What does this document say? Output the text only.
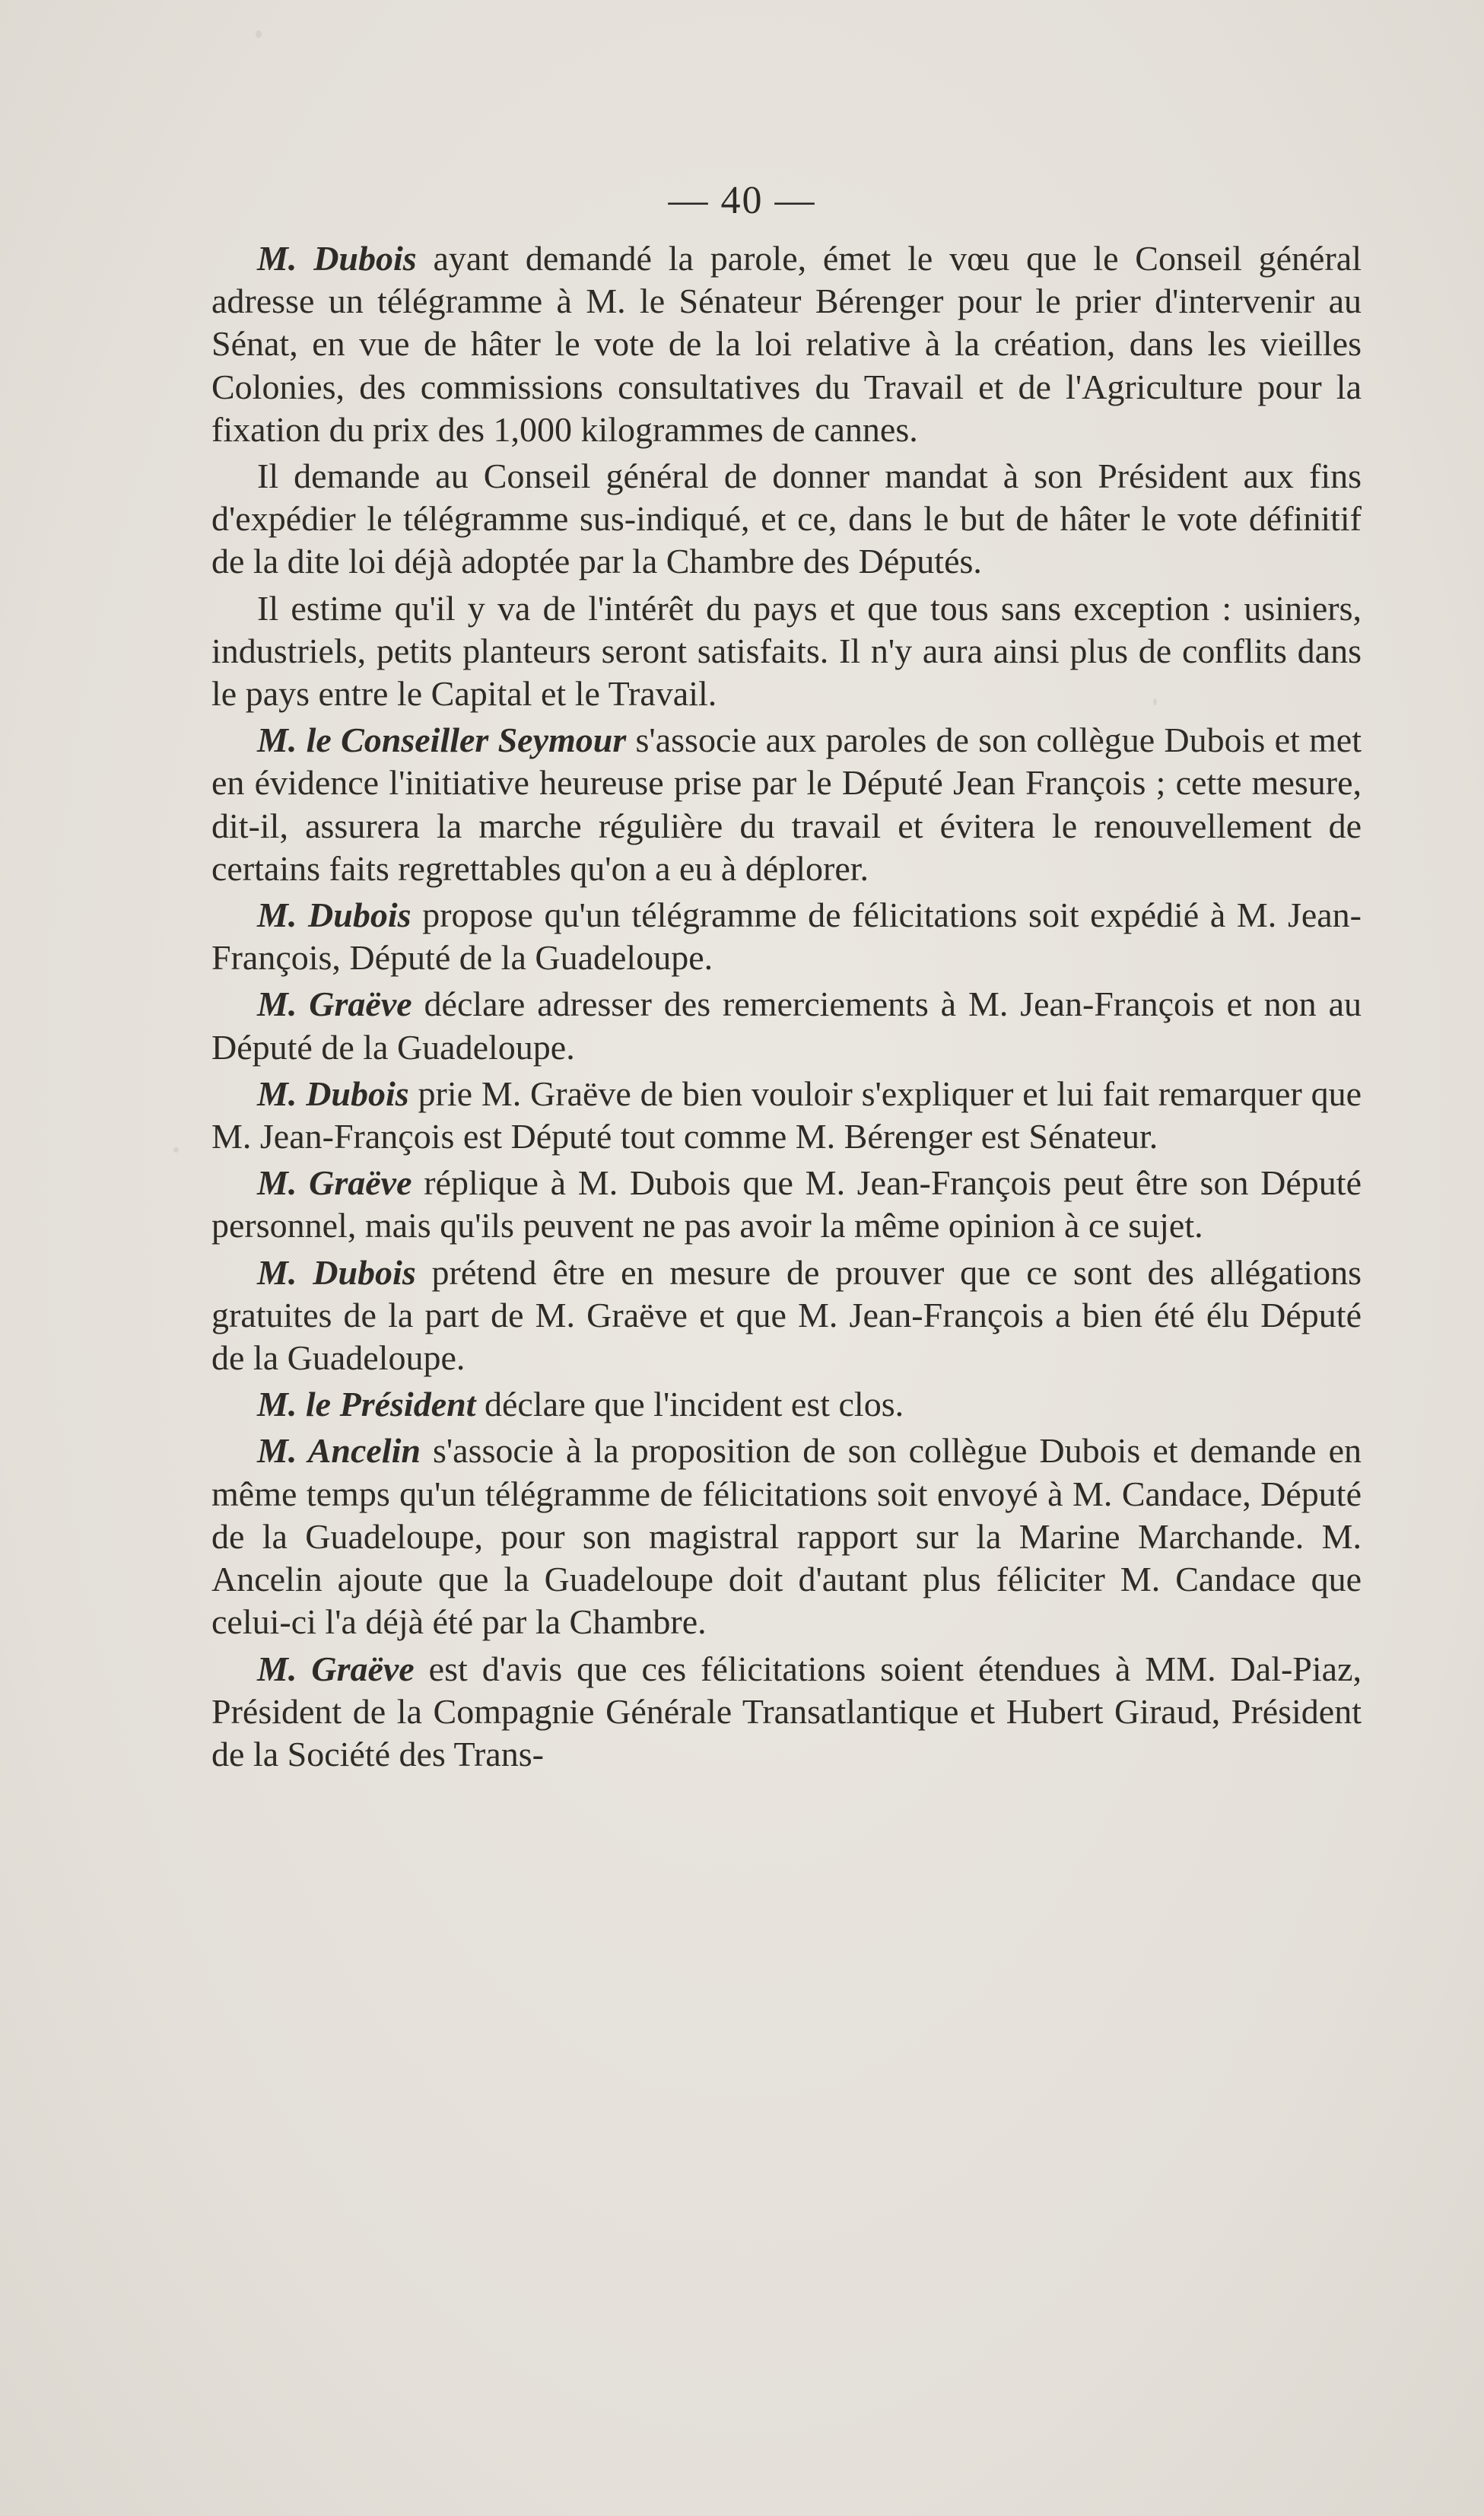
— 40 —

M. Dubois ayant demandé la parole, émet le vœu que le Conseil général adresse un télégramme à M. le Sénateur Bérenger pour le prier d'intervenir au Sénat, en vue de hâter le vote de la loi relative à la création, dans les vieilles Colonies, des commissions consultatives du Travail et de l'Agriculture pour la fixation du prix des 1,000 kilogrammes de cannes.

Il demande au Conseil général de donner mandat à son Président aux fins d'expédier le télégramme sus-indiqué, et ce, dans le but de hâter le vote définitif de la dite loi déjà adoptée par la Chambre des Députés.

Il estime qu'il y va de l'intérêt du pays et que tous sans exception : usiniers, industriels, petits planteurs seront satisfaits. Il n'y aura ainsi plus de conflits dans le pays entre le Capital et le Travail.

M. le Conseiller Seymour s'associe aux paroles de son collègue Dubois et met en évidence l'initiative heureuse prise par le Député Jean François ; cette mesure, dit-il, assurera la marche régulière du travail et évitera le renouvellement de certains faits regrettables qu'on a eu à déplorer.

M. Dubois propose qu'un télégramme de félicitations soit expédié à M. Jean-François, Député de la Guadeloupe.

M. Graëve déclare adresser des remerciements à M. Jean-François et non au Député de la Guadeloupe.

M. Dubois prie M. Graëve de bien vouloir s'expliquer et lui fait remarquer que M. Jean-François est Député tout comme M. Bérenger est Sénateur.

M. Graëve réplique à M. Dubois que M. Jean-François peut être son Député personnel, mais qu'ils peuvent ne pas avoir la même opinion à ce sujet.

M. Dubois prétend être en mesure de prouver que ce sont des allégations gratuites de la part de M. Graëve et que M. Jean-François a bien été élu Député de la Guadeloupe.

M. le Président déclare que l'incident est clos.

M. Ancelin s'associe à la proposition de son collègue Dubois et demande en même temps qu'un télégramme de félicitations soit envoyé à M. Candace, Député de la Guadeloupe, pour son magistral rapport sur la Marine Marchande. M. Ancelin ajoute que la Guadeloupe doit d'autant plus féliciter M. Candace que celui-ci l'a déjà été par la Chambre.

M. Graëve est d'avis que ces félicitations soient étendues à MM. Dal-Piaz, Président de la Compagnie Générale Transatlantique et Hubert Giraud, Président de la Société des Trans-
